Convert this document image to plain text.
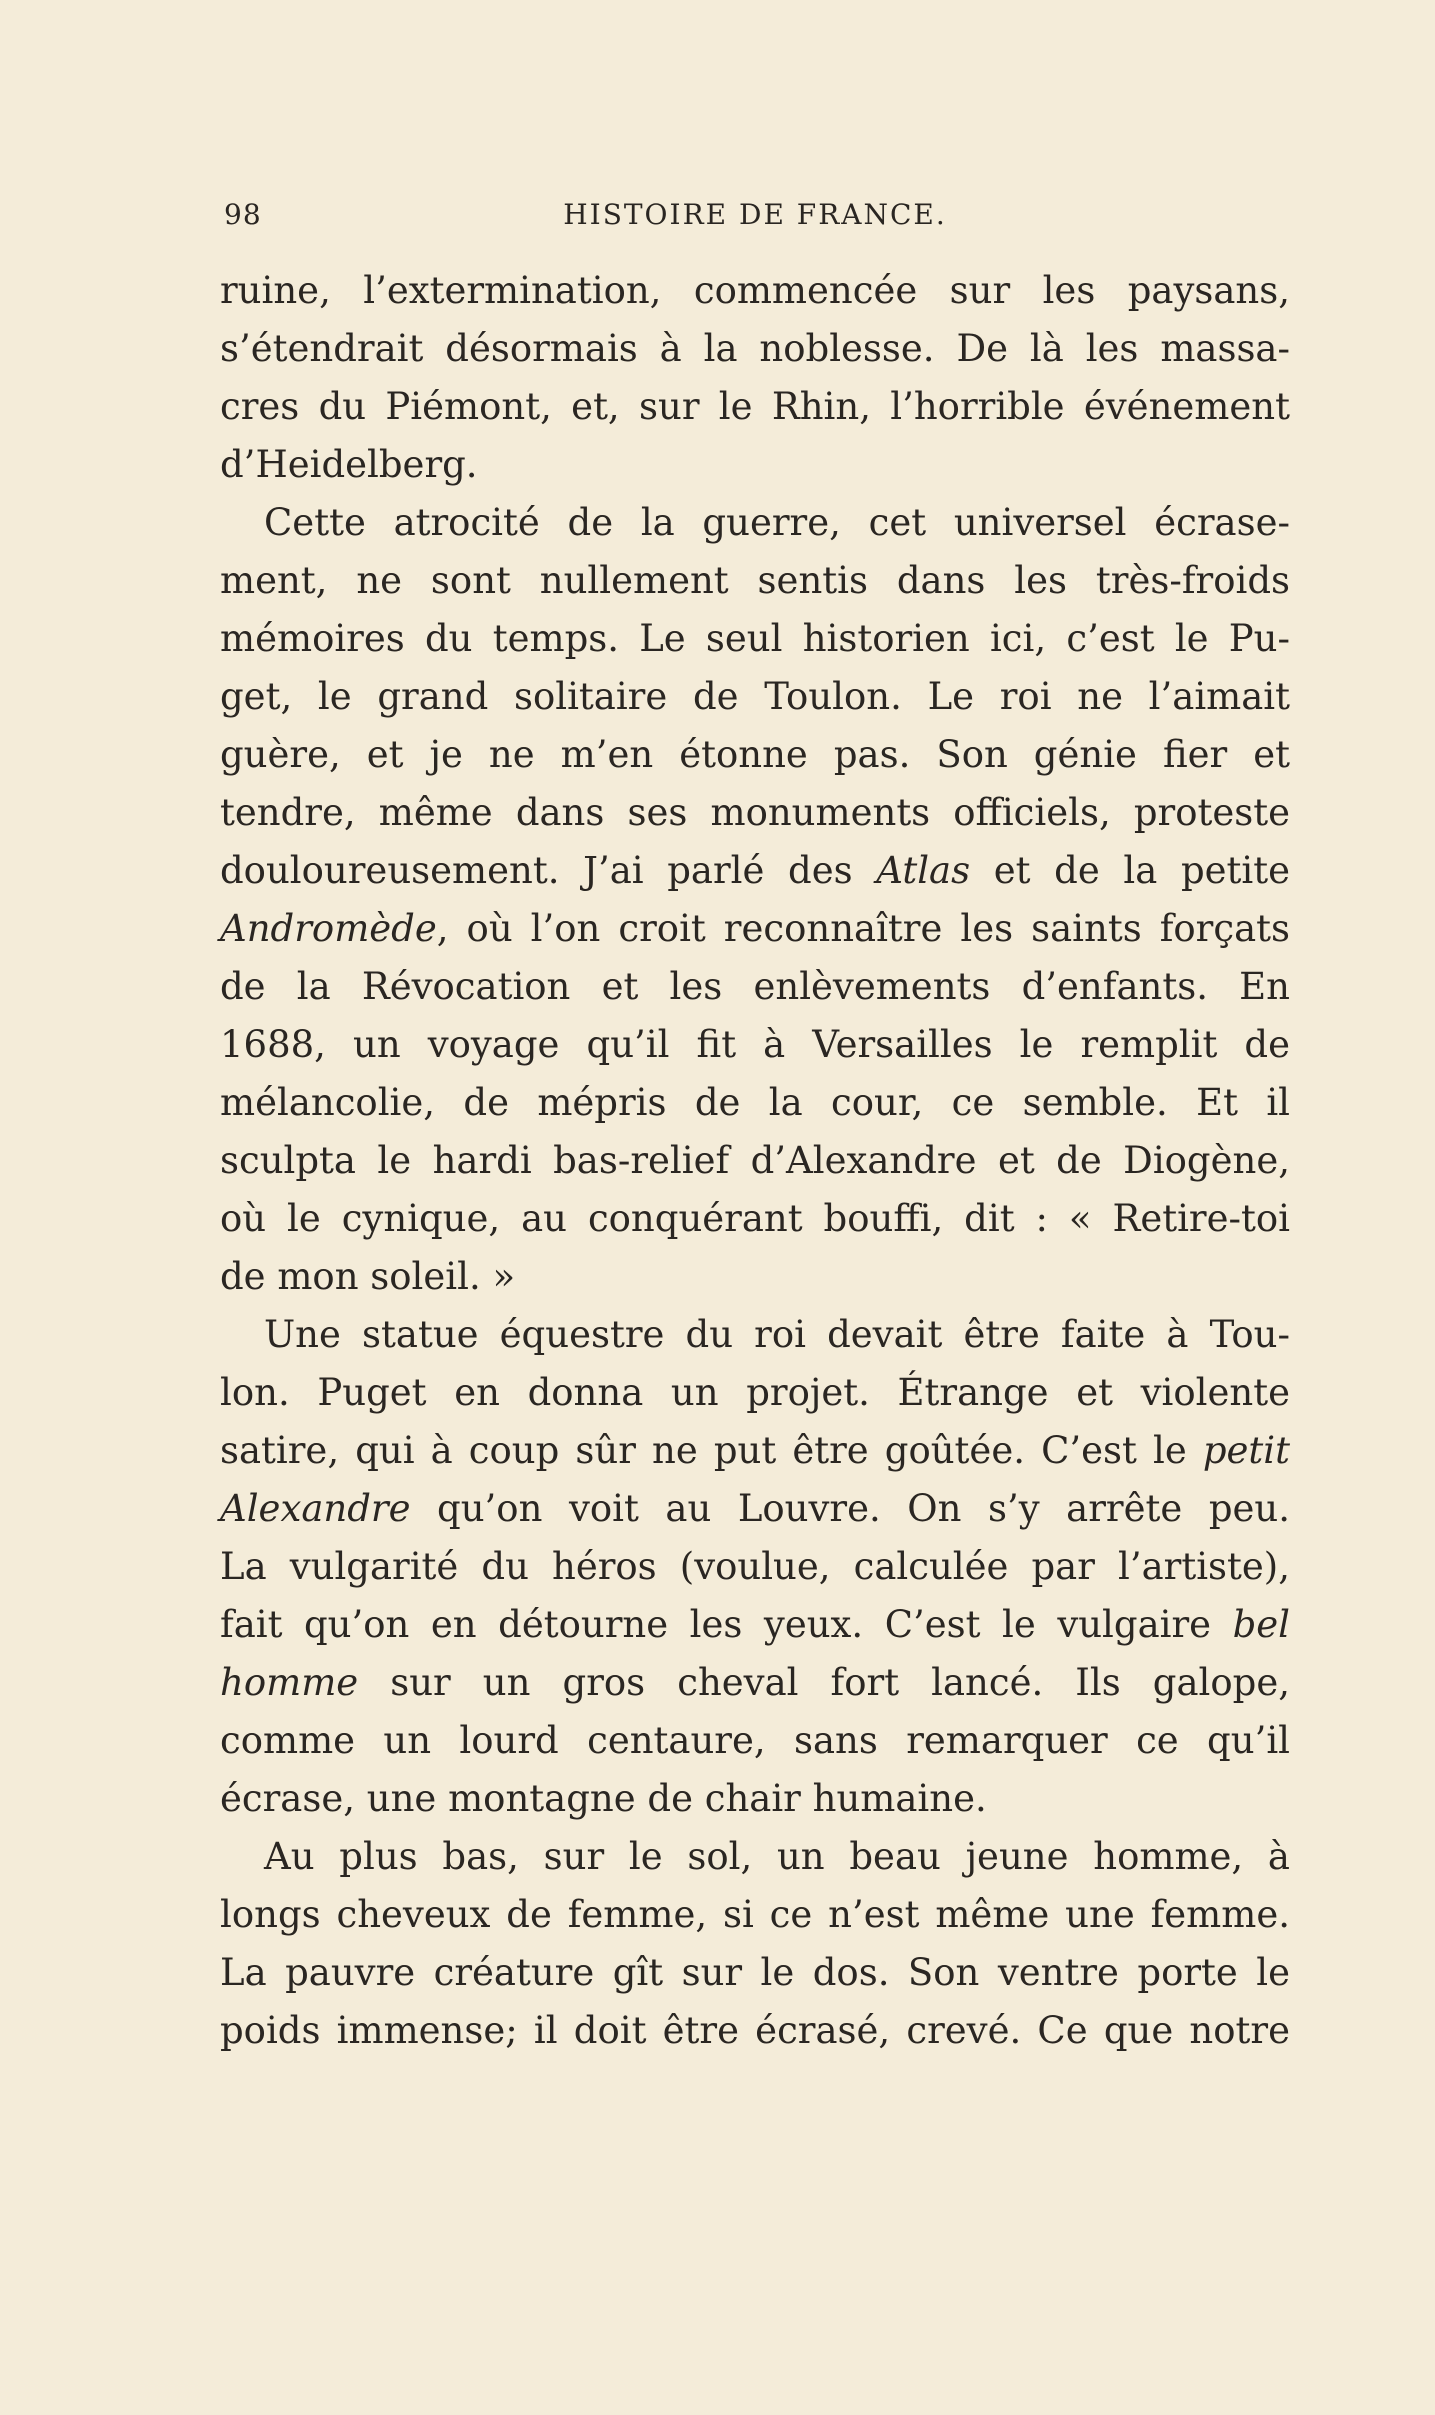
98	HISTOIRE DE FRANCE.
ruine, l’extermination, commencée sur les paysans,
s’étendrait désormais à la noblesse. De là les massa-
cres du Piémont, et, sur le Rhin, l’horrible événement
d’Heidelberg.
Cette atrocité de la guerre, cet universel écrase-
ment, ne sont nullement sentis dans les très-froids
mémoires du temps. Le seul historien ici, c’est le Pu-
get, le grand solitaire de Toulon. Le roi ne l’aimait
guère, et je ne m’en étonne pas. Son génie fier et
tendre, même dans ses monuments officiels, proteste
douloureusement. J’ai parlé des Atlas et de la petite
Andromède, où l’on croit reconnaître les saints forçats
de la Révocation et les enlèvements d’enfants. En
1688, un voyage qu’il fit à Versailles le remplit de
mélancolie, de mépris de la cour, ce semble. Et il
sculpta le hardi bas-relief d’Alexandre et de Diogène,
où le cynique, au conquérant bouffi, dit : « Retire-toi
de mon soleil. »
Une statue équestre du roi devait être faite à Tou-
lon. Puget en donna un projet. Étrange et violente
satire, qui à coup sûr ne put être goûtée. C’est le petit
Alexandre qu’on voit au Louvre. On s’y arrête peu.
La vulgarité du héros (voulue, calculée par l’artiste),
fait qu’on en détourne les yeux. C’est le vulgaire bel
homme sur un gros cheval fort lancé. Ils galope,
comme un lourd centaure, sans remarquer ce qu’il
écrase, une montagne de chair humaine.
Au plus bas, sur le sol, un beau jeune homme, à
longs cheveux de femme, si ce n’est même une femme.
La pauvre créature gît sur le dos. Son ventre porte le
poids immense; il doit être écrasé, crevé. Ce que notre
